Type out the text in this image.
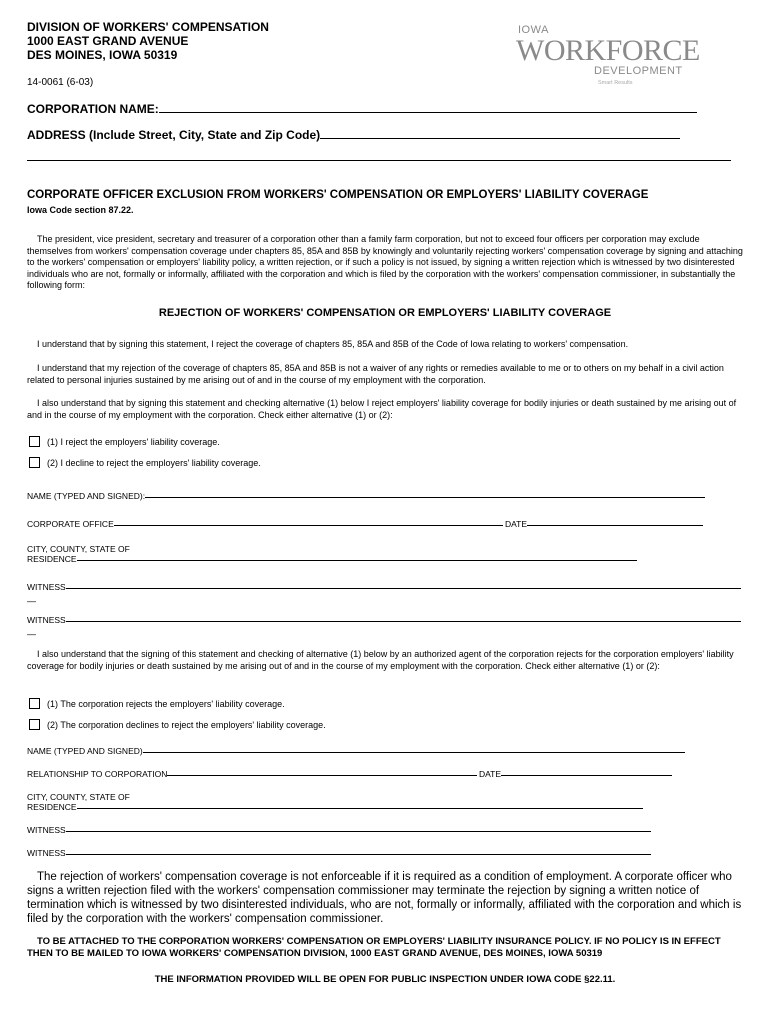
DIVISION OF WORKERS' COMPENSATION
1000 EAST GRAND AVENUE
DES MOINES, IOWA 50319
14-0061 (6-03)
IOWA
WORKFORCE
DEVELOPMENT
Smart Results
CORPORATION NAME:
ADDRESS (Include Street, City, State and Zip Code)
CORPORATE OFFICER EXCLUSION FROM WORKERS' COMPENSATION OR EMPLOYERS' LIABILITY COVERAGE
Iowa Code section 87.22.
The president, vice president, secretary and treasurer of a corporation other than a family farm corporation, but not to exceed four officers per corporation may exclude themselves from workers' compensation coverage under chapters 85, 85A and 85B by knowingly and voluntarily rejecting workers' compensation coverage by signing and attaching to the workers' compensation or employers' liability policy, a written rejection, or if such a policy is not issued, by signing a written rejection which is witnessed by two disinterested individuals who are not, formally or informally, affiliated with the corporation and which is filed by the corporation with the workers' compensation commissioner, in substantially the following form:
REJECTION OF WORKERS' COMPENSATION OR EMPLOYERS' LIABILITY COVERAGE
I understand that by signing this statement, I reject the coverage of chapters 85, 85A and 85B of the Code of Iowa relating to workers' compensation.
I understand that my rejection of the coverage of chapters 85, 85A and 85B is not a waiver of any rights or remedies available to me or to others on my behalf in a civil action related to personal injuries sustained by me arising out of and in the course of my employment with the corporation.
I also understand that by signing this statement and checking alternative (1) below I reject employers' liability coverage for bodily injuries or death sustained by me arising out of and in the course of my employment with the corporation. Check either alternative (1) or (2):
(1) I reject the employers' liability coverage.
(2) I decline to reject the employers' liability coverage.
NAME (TYPED AND SIGNED):
CORPORATE OFFICE	DATE
CITY, COUNTY, STATE OF
RESIDENCE
WITNESS
—
WITNESS
—
I also understand that the signing of this statement and checking of alternative (1) below by an authorized agent of the corporation rejects for the corporation employers' liability coverage for bodily injuries or death sustained by me arising out of and in the course of my employment with the corporation. Check either alternative (1) or (2):
(1) The corporation rejects the employers' liability coverage.
(2) The corporation declines to reject the employers' liability coverage.
NAME (TYPED AND SIGNED)
RELATIONSHIP TO CORPORATION	DATE
CITY, COUNTY, STATE OF
RESIDENCE
WITNESS
WITNESS
The rejection of workers' compensation coverage is not enforceable if it is required as a condition of employment. A corporate officer who signs a written rejection filed with the workers' compensation commissioner may terminate the rejection by signing a written notice of termination which is witnessed by two disinterested individuals, who are not, formally or informally, affiliated with the corporation and which is filed by the corporation with the workers' compensation commissioner.
TO BE ATTACHED TO THE CORPORATION WORKERS' COMPENSATION OR EMPLOYERS' LIABILITY INSURANCE POLICY. IF NO POLICY IS IN EFFECT THEN TO BE MAILED TO IOWA WORKERS' COMPENSATION DIVISION, 1000 EAST GRAND AVENUE, DES MOINES, IOWA 50319
THE INFORMATION PROVIDED WILL BE OPEN FOR PUBLIC INSPECTION UNDER IOWA CODE §22.11.
